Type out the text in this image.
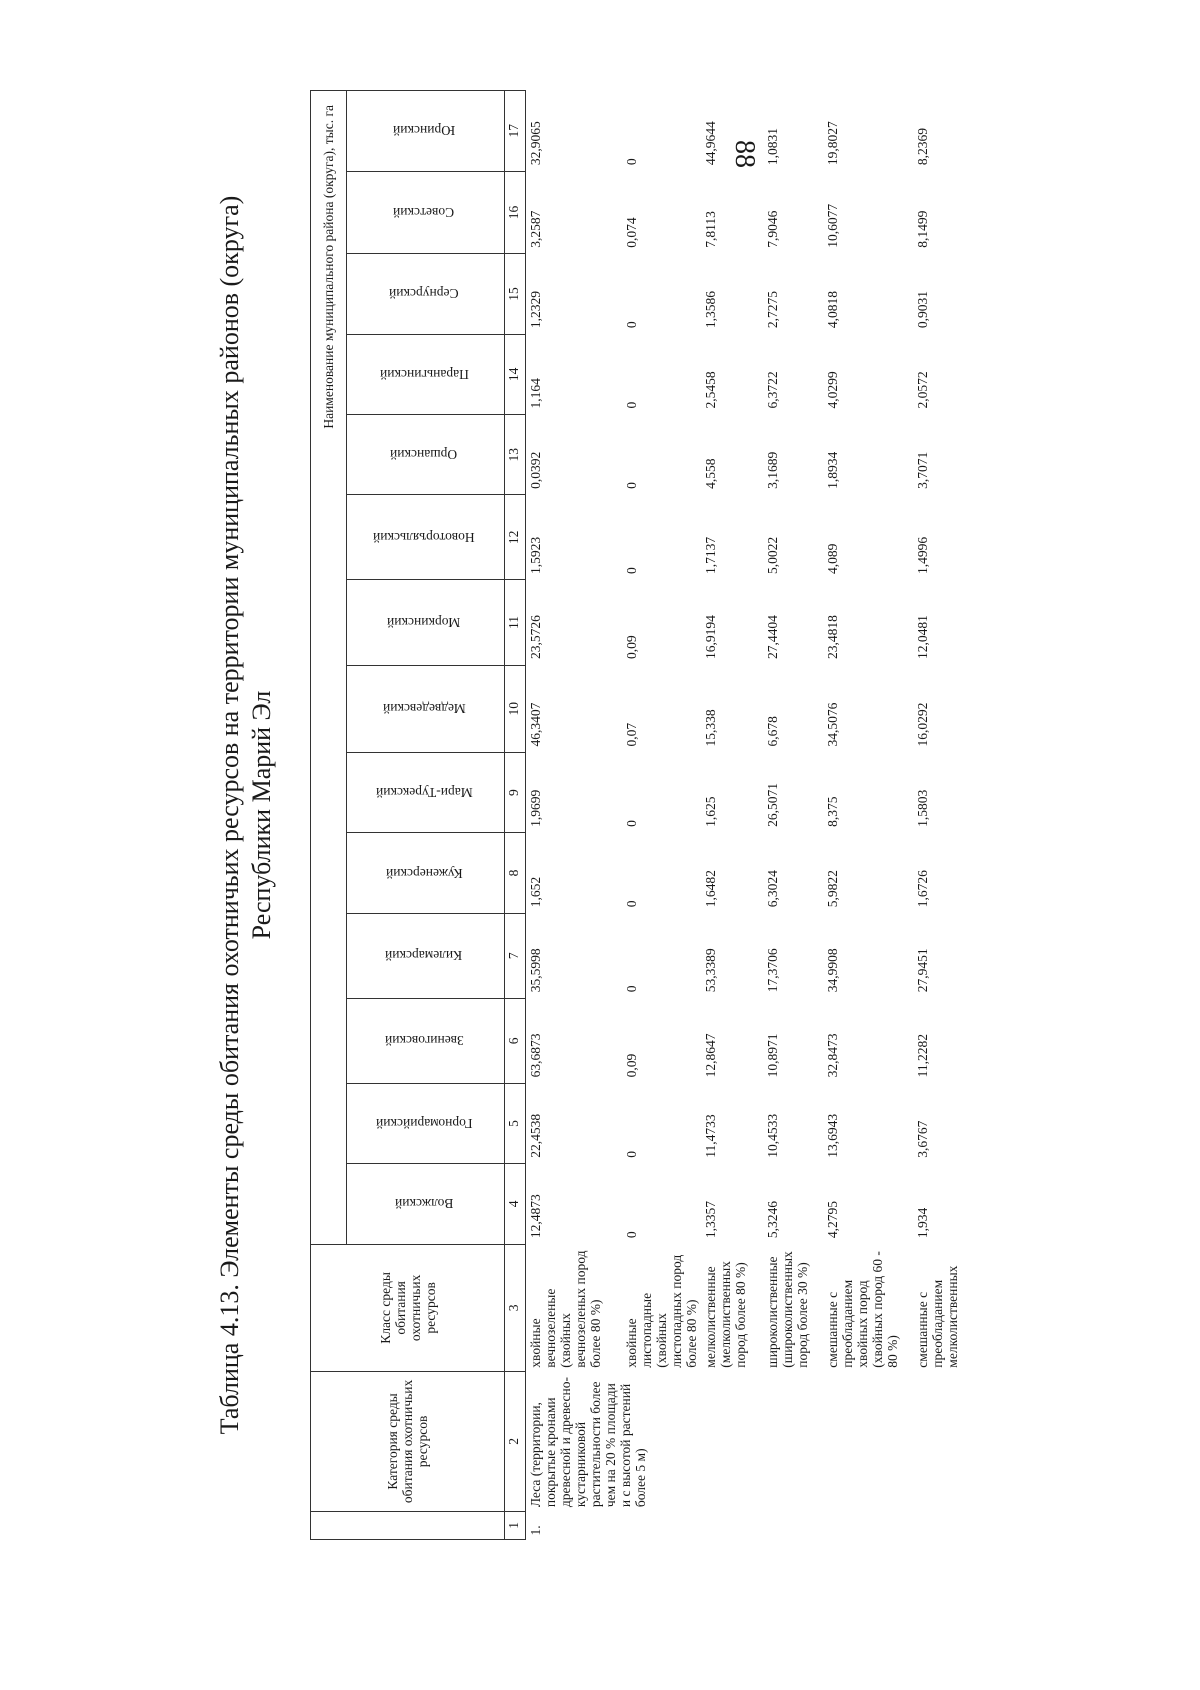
88
Таблица 4.13. Элементы среды обитания охотничьих ресурсов на территории муниципальных районов (округа) Республики Марий Эл
	Категория среды обитания охотничьих ресурсов	Класс среды обитания охотничьих ресурсов	Наименование муниципального района (округа), тыс. га													
			Волжский	Горномарийский	Звениговский	Килемарский	Куженерский	Мари-Турекский	Медведевский	Моркинский	Новоторъяльский	Оршанский	Параньгинский	Сернурский	Советский	Юринский
1	2	3	4	5	6	7	8	9	10	11	12	13	14	15	16	17
1.	Леса (территории, покрытые кронами древесной и древесно-кустарниковой растительности более чем на 20 % площади и с высотой растений более 5 м)	хвойные вечнозеленые (хвойных вечнозеленых пород более 80 %)	12,4873	22,4538	63,6873	35,5998	1,652	1,9699	46,3407	23,5726	1,5923	0,0392	1,164	1,2329	3,2587	32,9065
		хвойные листопадные (хвойных листопадных пород более 80 %)	0	0	0,09	0	0	0	0,07	0,09	0	0	0	0	0,074	0
		мелколиственные (мелколиственных пород более 80 %)	1,3357	11,4733	12,8647	53,3389	1,6482	1,625	15,338	16,9194	1,7137	4,558	2,5458	1,3586	7,8113	44,9644
		широколиственные (широколиственных пород более 30 %)	5,3246	10,4533	10,8971	17,3706	6,3024	26,5071	6,678	27,4404	5,0022	3,1689	6,3722	2,7275	7,9046	1,0831
		смешанные с преобладанием хвойных пород (хвойных пород 60 - 80 %)	4,2795	13,6943	32,8473	34,9908	5,9822	8,375	34,5076	23,4818	4,089	1,8934	4,0299	4,0818	10,6077	19,8027
		смешанные с преобладанием мелколиственных	1,934	3,6767	11,2282	27,9451	1,6726	1,5803	16,0292	12,0481	1,4996	3,7071	2,0572	0,9031	8,1499	8,2369
